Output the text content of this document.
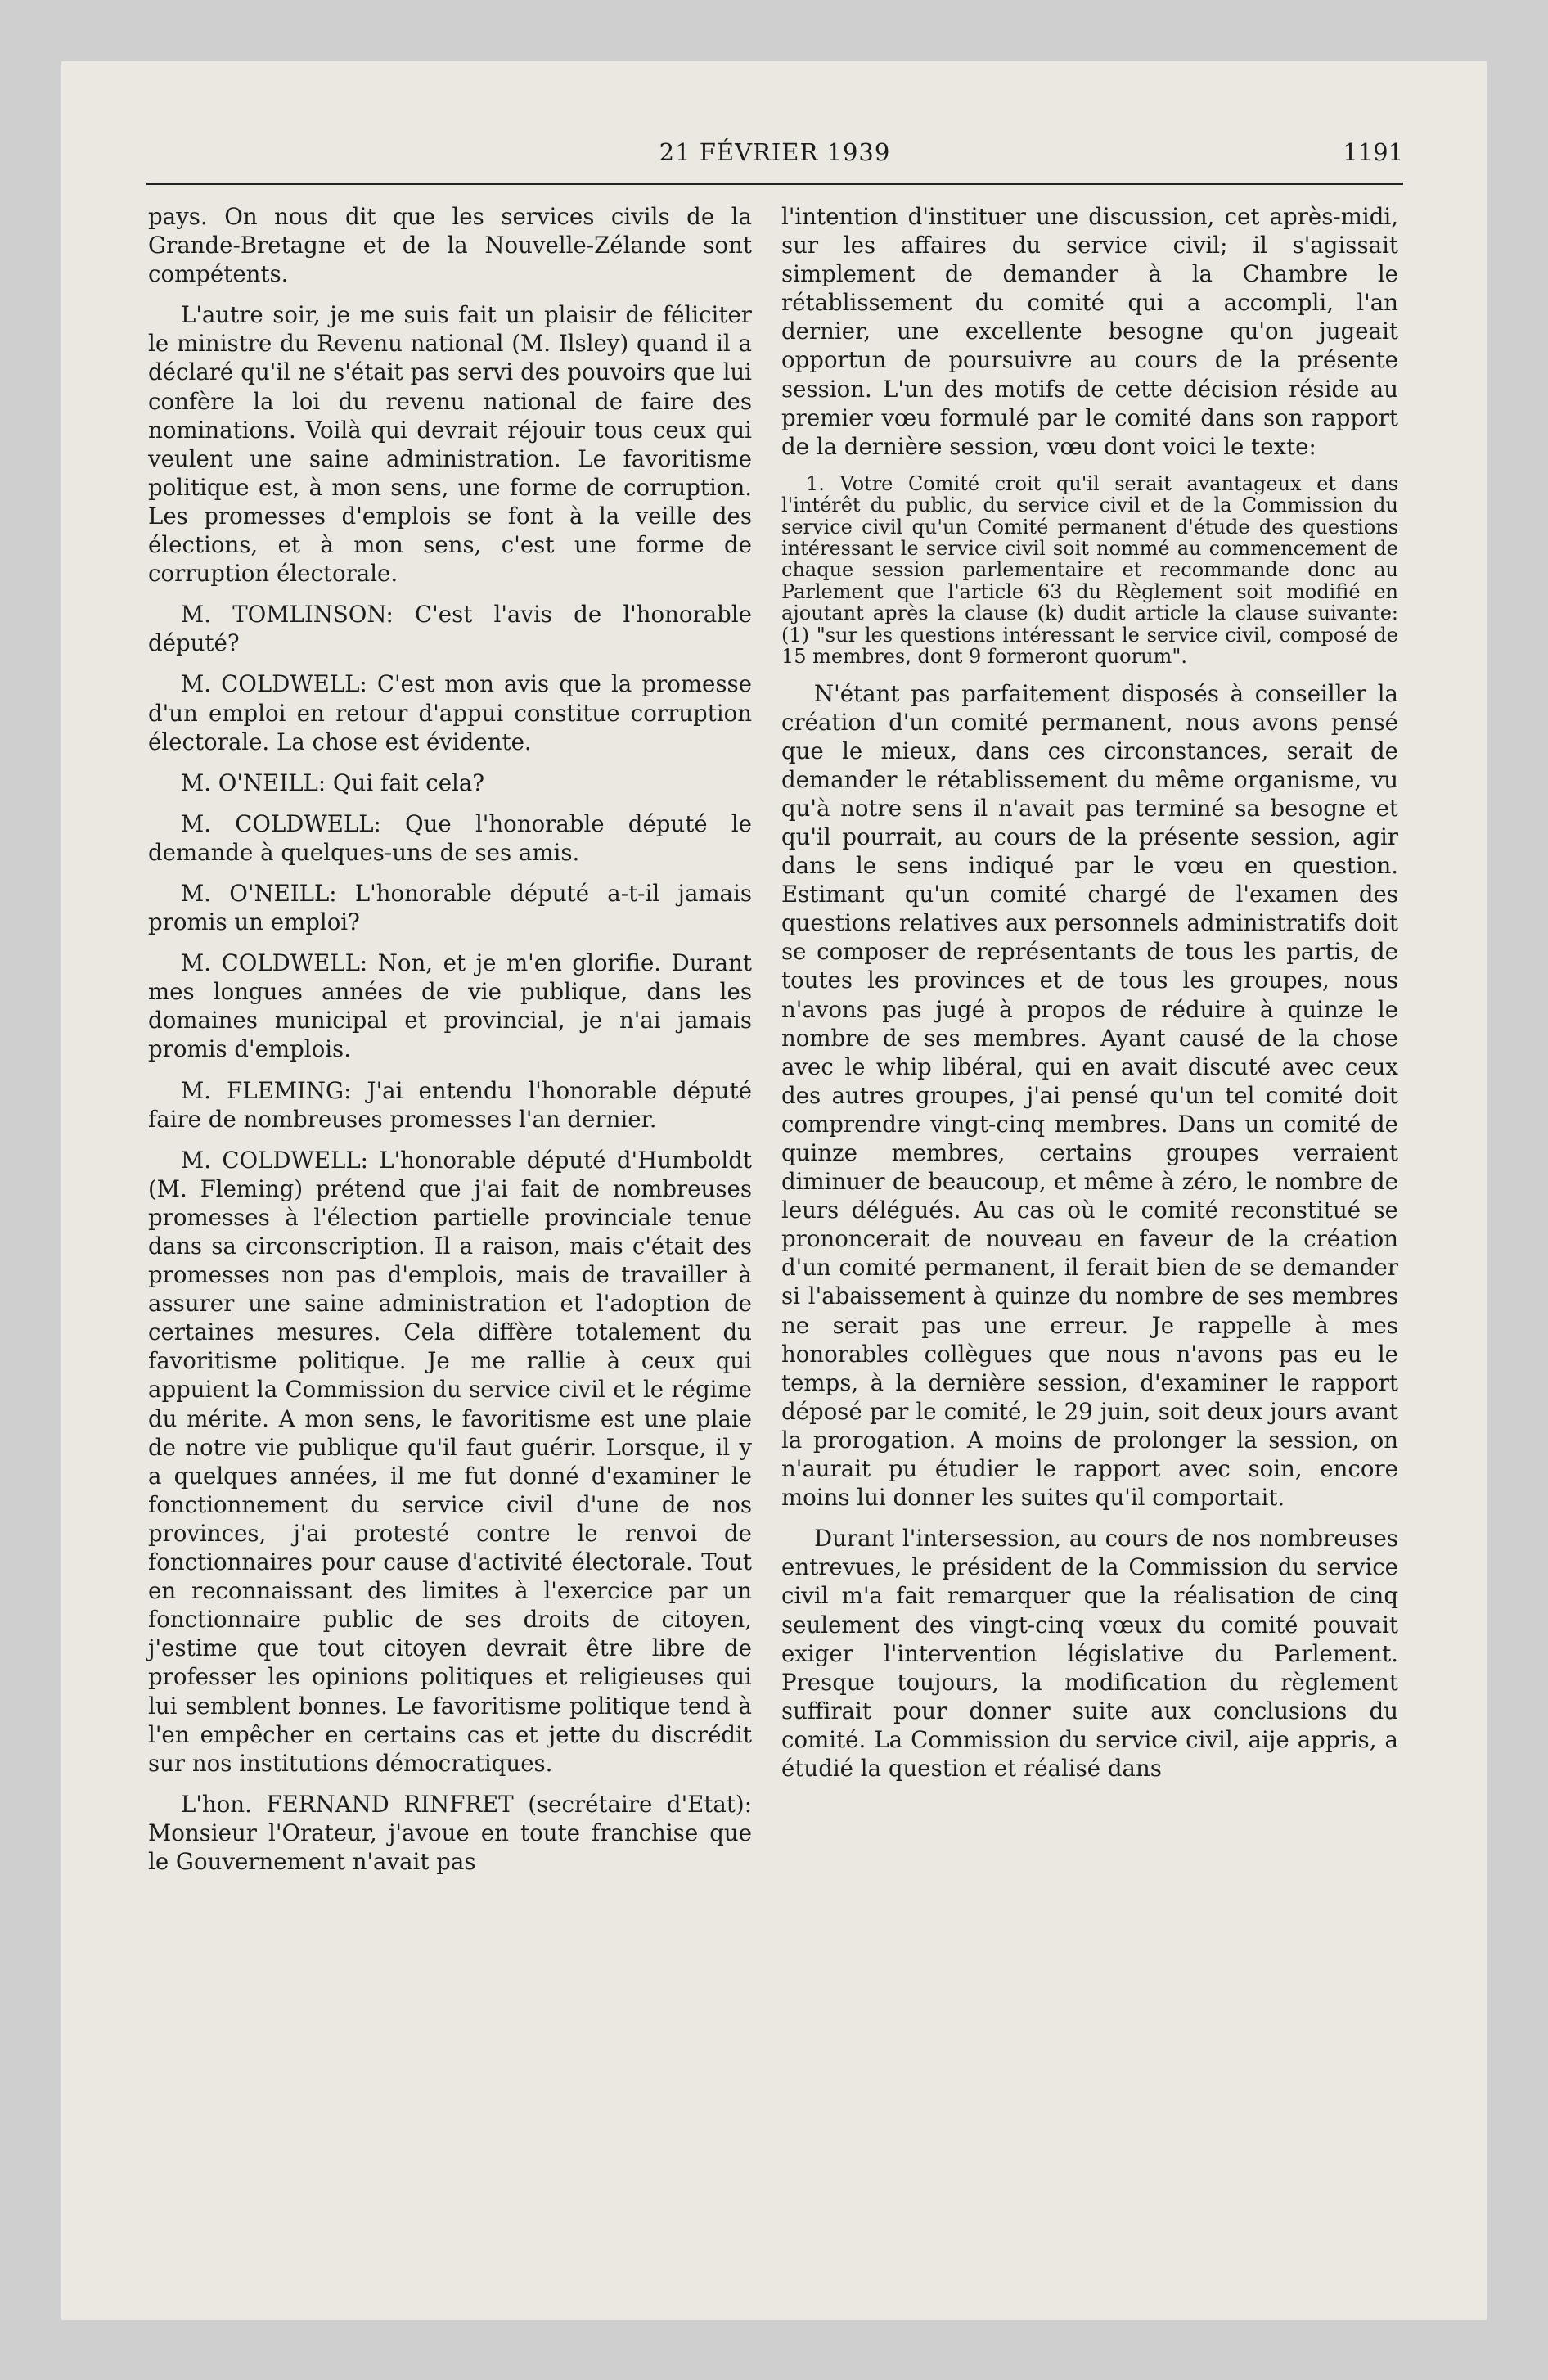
21 FÉVRIER 1939	1191

pays. On nous dit que les services civils de la Grande-Bretagne et de la Nouvelle-Zélande sont compétents.

L'autre soir, je me suis fait un plaisir de féliciter le ministre du Revenu national (M. Ilsley) quand il a déclaré qu'il ne s'était pas servi des pouvoirs que lui confère la loi du revenu national de faire des nominations. Voilà qui devrait réjouir tous ceux qui veulent une saine administration. Le favoritisme politique est, à mon sens, une forme de corruption. Les promesses d'emplois se font à la veille des élections, et à mon sens, c'est une forme de corruption électorale.

M. TOMLINSON: C'est l'avis de l'honorable député?

M. COLDWELL: C'est mon avis que la promesse d'un emploi en retour d'appui constitue corruption électorale. La chose est évidente.

M. O'NEILL: Qui fait cela?

M. COLDWELL: Que l'honorable député le demande à quelques-uns de ses amis.

M. O'NEILL: L'honorable député a-t-il jamais promis un emploi?

M. COLDWELL: Non, et je m'en glorifie. Durant mes longues années de vie publique, dans les domaines municipal et provincial, je n'ai jamais promis d'emplois.

M. FLEMING: J'ai entendu l'honorable député faire de nombreuses promesses l'an dernier.

M. COLDWELL: L'honorable député d'Humboldt (M. Fleming) prétend que j'ai fait de nombreuses promesses à l'élection partielle provinciale tenue dans sa circonscription. Il a raison, mais c'était des promesses non pas d'emplois, mais de travailler à assurer une saine administration et l'adoption de certaines mesures. Cela diffère totalement du favoritisme politique. Je me rallie à ceux qui appuient la Commission du service civil et le régime du mérite. A mon sens, le favoritisme est une plaie de notre vie publique qu'il faut guérir. Lorsque, il y a quelques années, il me fut donné d'examiner le fonctionnement du service civil d'une de nos provinces, j'ai protesté contre le renvoi de fonctionnaires pour cause d'activité électorale. Tout en reconnaissant des limites à l'exercice par un fonctionnaire public de ses droits de citoyen, j'estime que tout citoyen devrait être libre de professer les opinions politiques et religieuses qui lui semblent bonnes. Le favoritisme politique tend à l'en empêcher en certains cas et jette du discrédit sur nos institutions démocratiques.

L'hon. FERNAND RINFRET (secrétaire d'Etat): Monsieur l'Orateur, j'avoue en toute franchise que le Gouvernement n'avait pas

l'intention d'instituer une discussion, cet après-midi, sur les affaires du service civil; il s'agissait simplement de demander à la Chambre le rétablissement du comité qui a accompli, l'an dernier, une excellente besogne qu'on jugeait opportun de poursuivre au cours de la présente session. L'un des motifs de cette décision réside au premier vœu formulé par le comité dans son rapport de la dernière session, vœu dont voici le texte:

1. Votre Comité croit qu'il serait avantageux et dans l'intérêt du public, du service civil et de la Commission du service civil qu'un Comité permanent d'étude des questions intéressant le service civil soit nommé au commencement de chaque session parlementaire et recommande donc au Parlement que l'article 63 du Règlement soit modifié en ajoutant après la clause (k) dudit article la clause suivante: (1) "sur les questions intéressant le service civil, composé de 15 membres, dont 9 formeront quorum".

N'étant pas parfaitement disposés à conseiller la création d'un comité permanent, nous avons pensé que le mieux, dans ces circonstances, serait de demander le rétablissement du même organisme, vu qu'à notre sens il n'avait pas terminé sa besogne et qu'il pourrait, au cours de la présente session, agir dans le sens indiqué par le vœu en question. Estimant qu'un comité chargé de l'examen des questions relatives aux personnels administratifs doit se composer de représentants de tous les partis, de toutes les provinces et de tous les groupes, nous n'avons pas jugé à propos de réduire à quinze le nombre de ses membres. Ayant causé de la chose avec le whip libéral, qui en avait discuté avec ceux des autres groupes, j'ai pensé qu'un tel comité doit comprendre vingt-cinq membres. Dans un comité de quinze membres, certains groupes verraient diminuer de beaucoup, et même à zéro, le nombre de leurs délégués. Au cas où le comité reconstitué se prononcerait de nouveau en faveur de la création d'un comité permanent, il ferait bien de se demander si l'abaissement à quinze du nombre de ses membres ne serait pas une erreur. Je rappelle à mes honorables collègues que nous n'avons pas eu le temps, à la dernière session, d'examiner le rapport déposé par le comité, le 29 juin, soit deux jours avant la prorogation. A moins de prolonger la session, on n'aurait pu étudier le rapport avec soin, encore moins lui donner les suites qu'il comportait.

Durant l'intersession, au cours de nos nombreuses entrevues, le président de la Commission du service civil m'a fait remarquer que la réalisation de cinq seulement des vingt-cinq vœux du comité pouvait exiger l'intervention législative du Parlement. Presque toujours, la modification du règlement suffirait pour donner suite aux conclusions du comité. La Commission du service civil, aije appris, a étudié la question et réalisé dans
